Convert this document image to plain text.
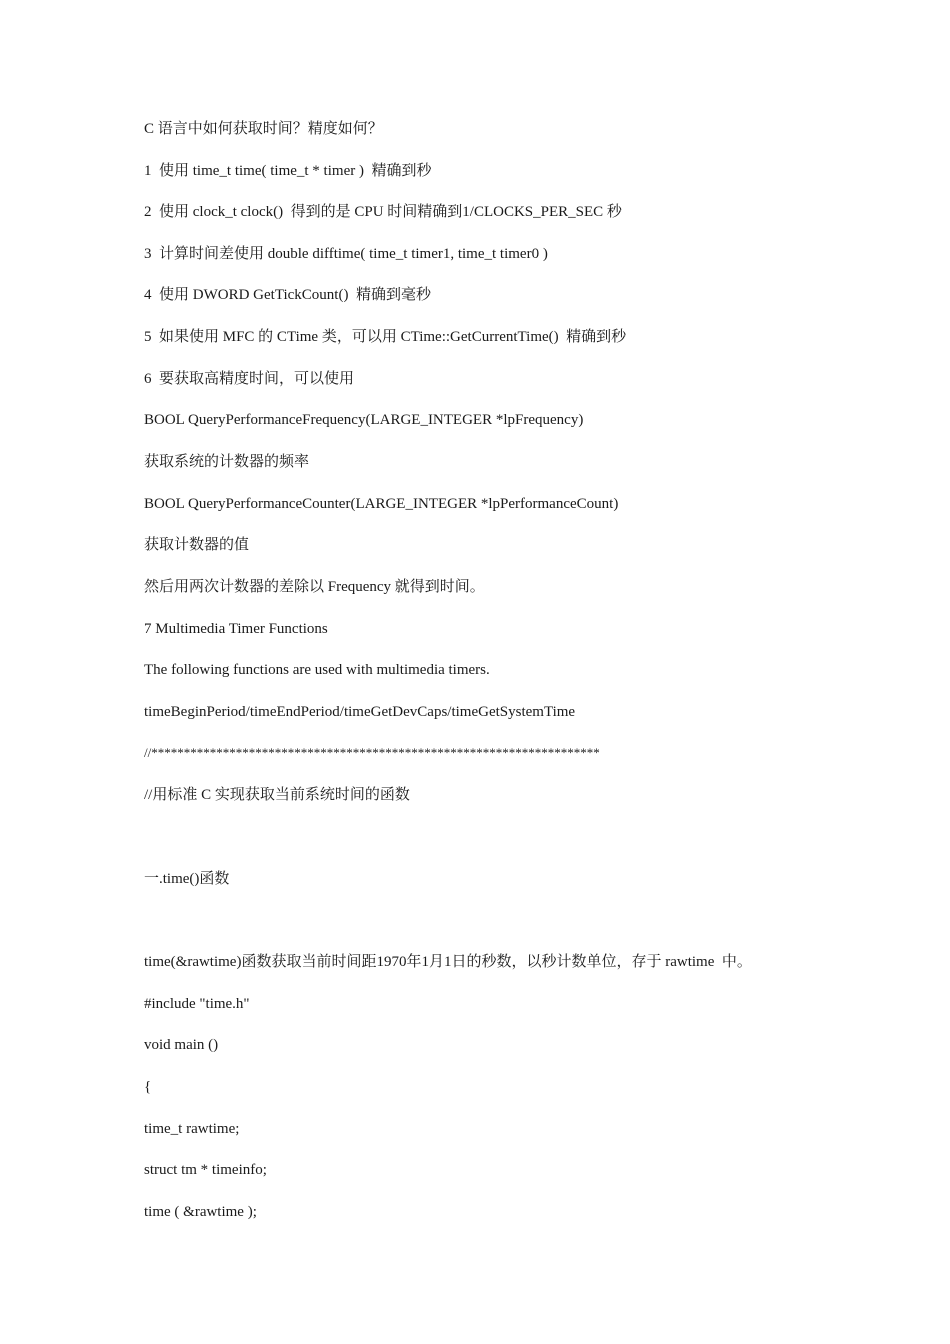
C 语言中如何获取时间？精度如何？
1  使用 time_t time( time_t * timer )  精确到秒
2  使用 clock_t clock()  得到的是 CPU 时间精确到1/CLOCKS_PER_SEC 秒
3  计算时间差使用 double difftime( time_t timer1, time_t timer0 )
4  使用 DWORD GetTickCount()  精确到毫秒
5  如果使用 MFC 的 CTime 类，可以用 CTime::GetCurrentTime()  精确到秒
6  要获取高精度时间，可以使用
BOOL QueryPerformanceFrequency(LARGE_INTEGER *lpFrequency)
获取系统的计数器的频率
BOOL QueryPerformanceCounter(LARGE_INTEGER *lpPerformanceCount)
获取计数器的值
然后用两次计数器的差除以 Frequency 就得到时间。
7 Multimedia Timer Functions
The following functions are used with multimedia timers.
timeBeginPeriod/timeEndPeriod/timeGetDevCaps/timeGetSystemTime
//*********************************************************************
//用标准 C 实现获取当前系统时间的函数
一.time()函数
time(&rawtime)函数获取当前时间距1970年1月1日的秒数，以秒计数单位，存于 rawtime  中。
#include "time.h"
void main ()
{
time_t rawtime;
struct tm * timeinfo;
time ( &rawtime );
